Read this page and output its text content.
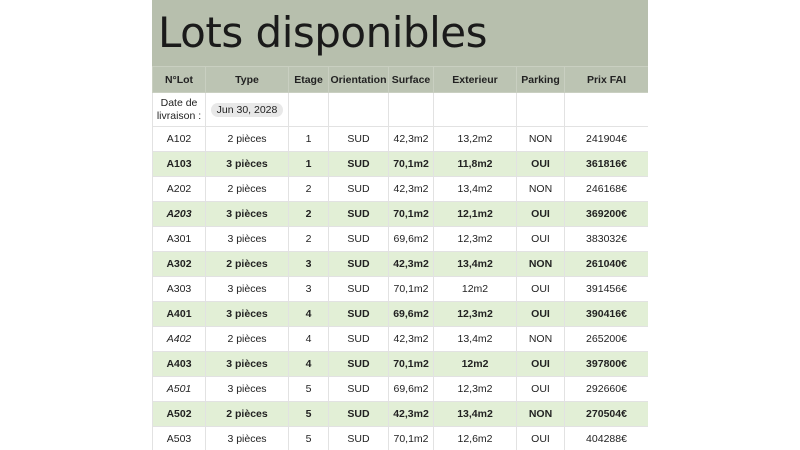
Lots disponibles
Date de livraison :	Jun 30, 2028						
N°Lot	Type	Etage	Orientation	Surface	Exterieur	Parking	Prix FAI
A102	2 pièces	1	SUD	42,3m2	13,2m2	NON	241904€
A103	3 pièces	1	SUD	70,1m2	11,8m2	OUI	361816€
A202	2 pièces	2	SUD	42,3m2	13,4m2	NON	246168€
A203	3 pièces	2	SUD	70,1m2	12,1m2	OUI	369200€
A301	3 pièces	2	SUD	69,6m2	12,3m2	OUI	383032€
A302	2 pièces	3	SUD	42,3m2	13,4m2	NON	261040€
A303	3 pièces	3	SUD	70,1m2	12m2	OUI	391456€
A401	3 pièces	4	SUD	69,6m2	12,3m2	OUI	390416€
A402	2 pièces	4	SUD	42,3m2	13,4m2	NON	265200€
A403	3 pièces	4	SUD	70,1m2	12m2	OUI	397800€
A501	3 pièces	5	SUD	69,6m2	12,3m2	OUI	292660€
A502	2 pièces	5	SUD	42,3m2	13,4m2	NON	270504€
A503	3 pièces	5	SUD	70,1m2	12,6m2	OUI	404288€
